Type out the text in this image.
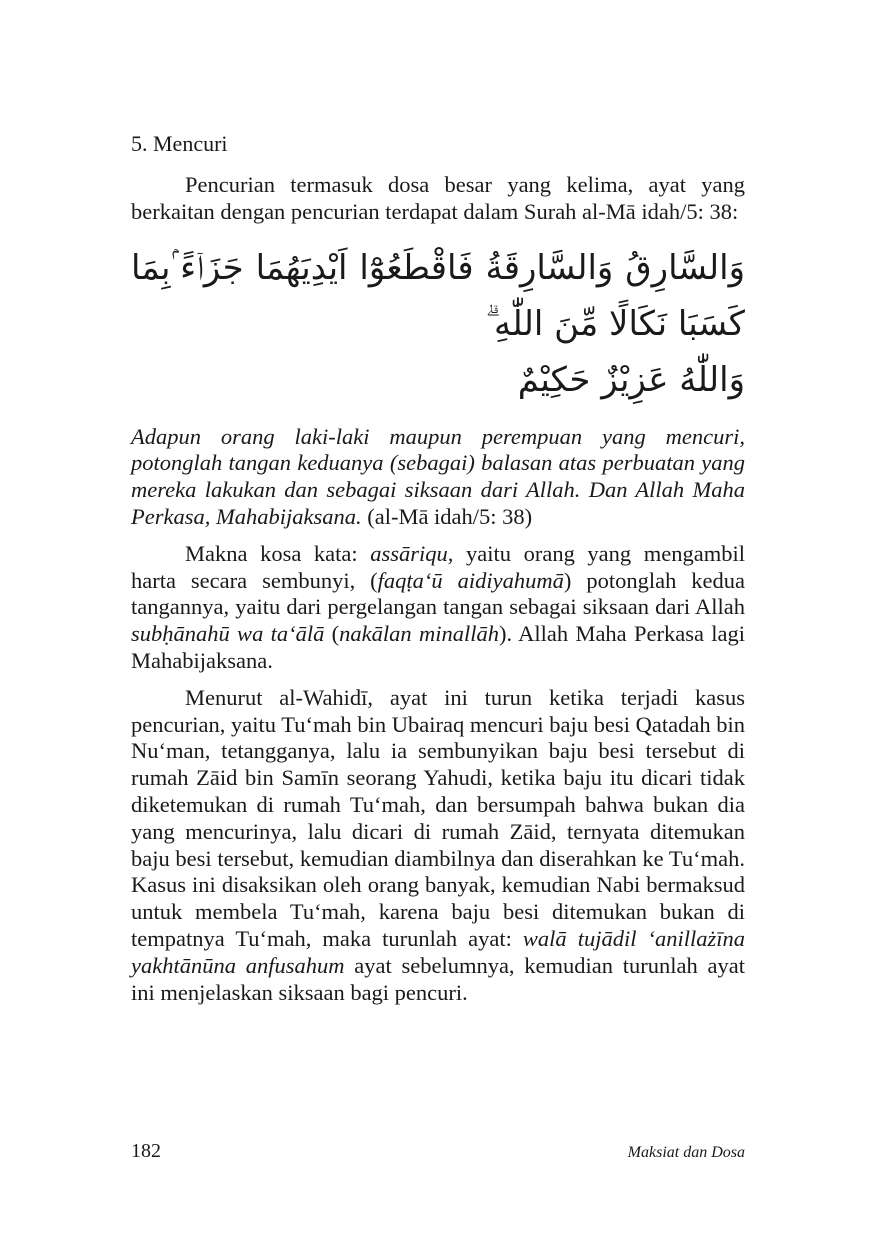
5. Mencuri

Pencurian termasuk dosa besar yang kelima, ayat yang berkaitan dengan pencurian terdapat dalam Surah al-Mā idah/5: 38:

وَالسَّارِقُ وَالسَّارِقَةُ فَاقْطَعُوْٓا اَيْدِيَهُمَا جَزَاۤءً ۢبِمَا كَسَبَا نَكَالًا مِّنَ اللّٰهِ ۗ
وَاللّٰهُ عَزِيْزٌ حَكِيْمٌ

Adapun orang laki-laki maupun perempuan yang mencuri, potonglah tangan keduanya (sebagai) balasan atas perbuatan yang mereka lakukan dan sebagai siksaan dari Allah. Dan Allah Maha Perkasa, Mahabijaksana. (al-Mā idah/5: 38)

Makna kosa kata: assāriqu, yaitu orang yang mengambil harta secara sembunyi, (faqṭa‘ū aidiyahumā) potonglah kedua tangannya, yaitu dari pergelangan tangan sebagai siksaan dari Allah subḥānahū wa ta‘ālā (nakālan minallāh). Allah Maha Perkasa lagi Mahabijaksana.

Menurut al-Wahidī, ayat ini turun ketika terjadi kasus pencurian, yaitu Tu‘mah bin Ubairaq mencuri baju besi Qatadah bin Nu‘man, tetangganya, lalu ia sembunyikan baju besi tersebut di rumah Zāid bin Samīn seorang Yahudi, ketika baju itu dicari tidak diketemukan di rumah Tu‘mah, dan bersumpah bahwa bukan dia yang mencurinya, lalu dicari di rumah Zāid, ternyata ditemukan baju besi tersebut, kemudian diambilnya dan diserahkan ke Tu‘mah. Kasus ini disaksikan oleh orang banyak, kemudian Nabi bermaksud untuk membela Tu‘mah, karena baju besi ditemukan bukan di tempatnya Tu‘mah, maka turunlah ayat: walā tujādil ‘anillażīna yakhtānūna anfusahum ayat sebelumnya, kemudian turunlah ayat ini menjelaskan siksaan bagi pencuri.

182	Maksiat dan Dosa
